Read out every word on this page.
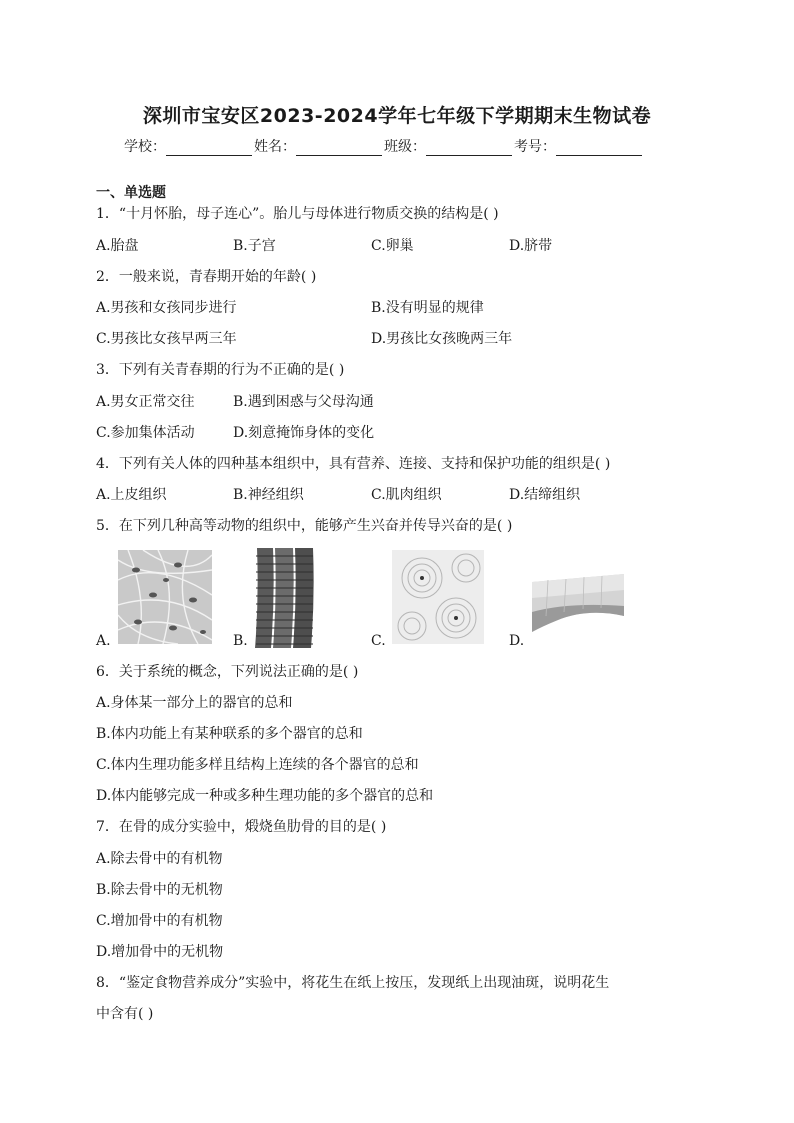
深圳市宝安区2023-2024学年七年级下学期期末生物试卷
学校：	姓名：	班级：	考号：
一、单选题
1．“十月怀胎，母子连心”。胎儿与母体进行物质交换的结构是( )
A.胎盘	B.子宫	C.卵巢	D.脐带
2．一般来说，青春期开始的年龄( )
A.男孩和女孩同步进行	B.没有明显的规律
C.男孩比女孩早两三年	D.男孩比女孩晚两三年
3．下列有关青春期的行为不正确的是( )
A.男女正常交往	B.遇到困惑与父母沟通
C.参加集体活动	D.刻意掩饰身体的变化
4．下列有关人体的四种基本组织中，具有营养、连接、支持和保护功能的组织是( )
A.上皮组织	B.神经组织	C.肌肉组织	D.结缔组织
5．在下列几种高等动物的组织中，能够产生兴奋并传导兴奋的是( )
A.	B.	C.	D.
6．关于系统的概念，下列说法正确的是( )
A.身体某一部分上的器官的总和
B.体内功能上有某种联系的多个器官的总和
C.体内生理功能多样且结构上连续的各个器官的总和
D.体内能够完成一种或多种生理功能的多个器官的总和
7．在骨的成分实验中，煅烧鱼肋骨的目的是( )
A.除去骨中的有机物
B.除去骨中的无机物
C.增加骨中的有机物
D.增加骨中的无机物
8．“鉴定食物营养成分”实验中，将花生在纸上按压，发现纸上出现油斑，说明花生
中含有( )
